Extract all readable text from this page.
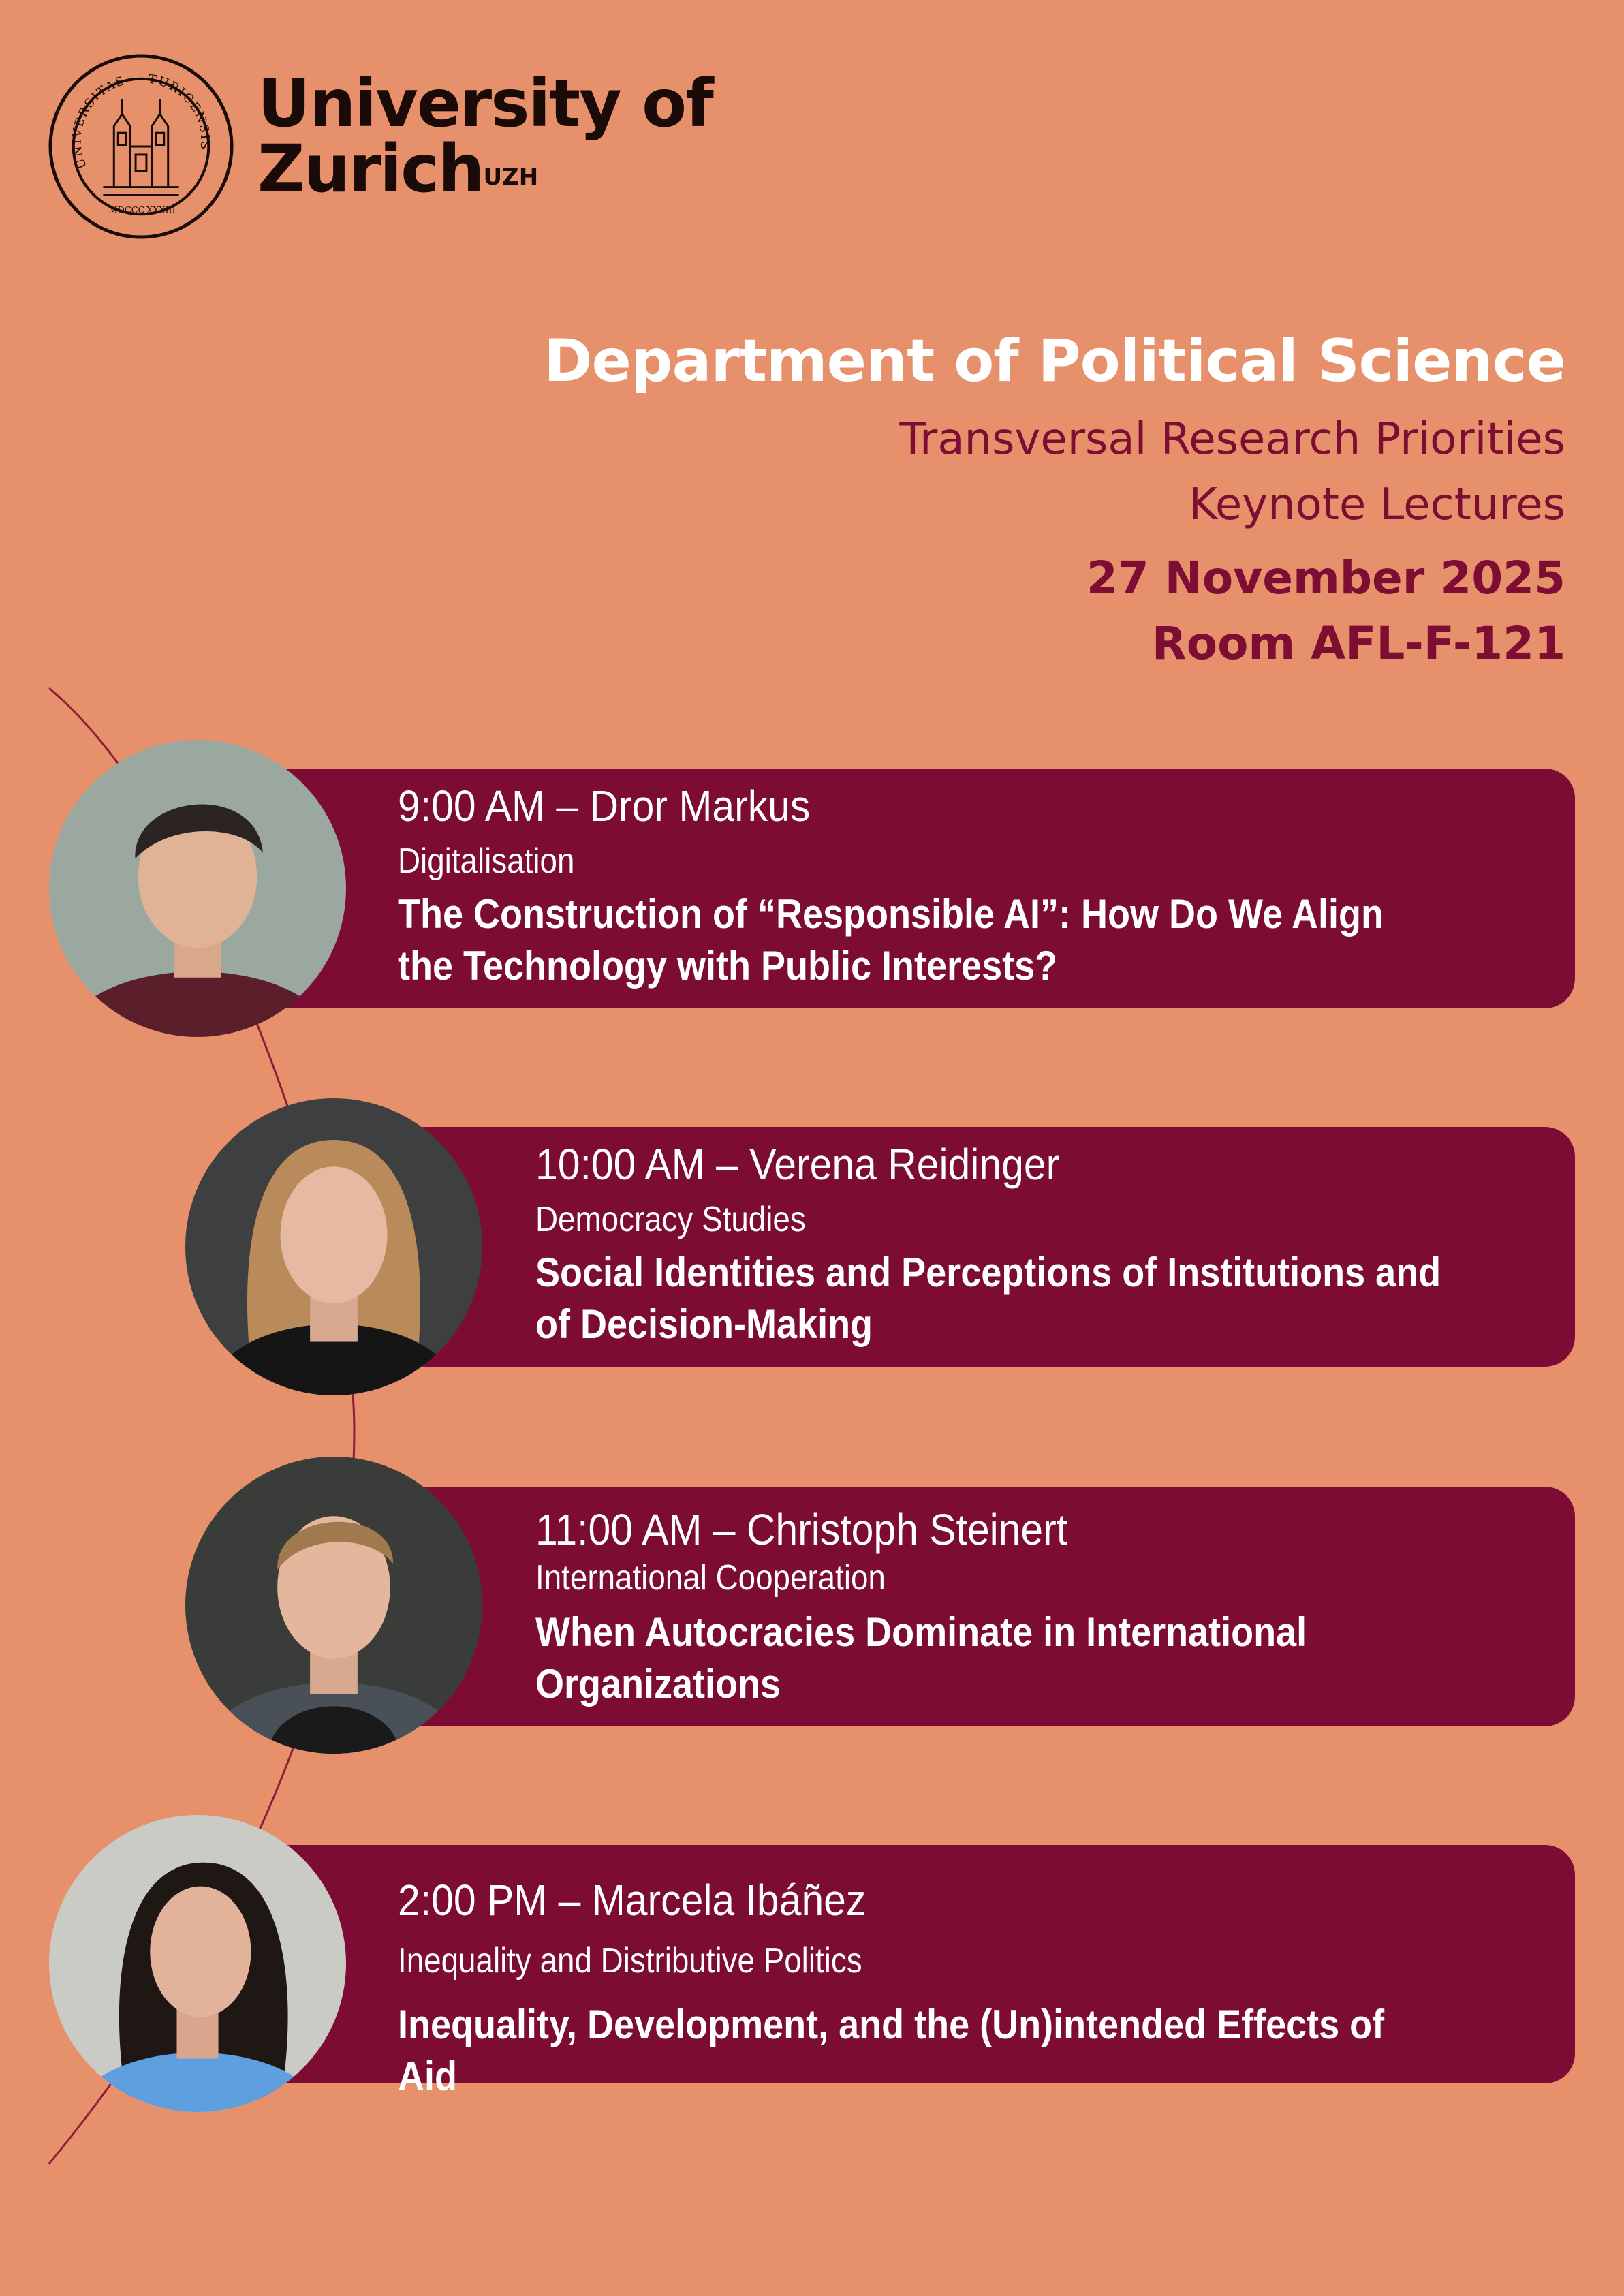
UNIVERSITAS TURICENSIS
MDCCC XXXIII
University of
Zurich$^{UZH}$
Department of Political Science
Transversal Research Priorities
Keynote Lectures
27 November 2025
Room AFL-F-121
9:00 AM – Dror Markus
Digitalisation
The Construction of “Responsible AI”: How Do We Align the Technology with Public Interests?
10:00 AM – Verena Reidinger
Democracy Studies
Social Identities and Perceptions of Institutions and of Decision-Making
11:00 AM – Christoph Steinert
International Cooperation
When Autocracies Dominate in International Organizations
2:00 PM – Marcela Ibáñez
Inequality and Distributive Politics
Inequality, Development, and the (Un)intended Effects of Aid
